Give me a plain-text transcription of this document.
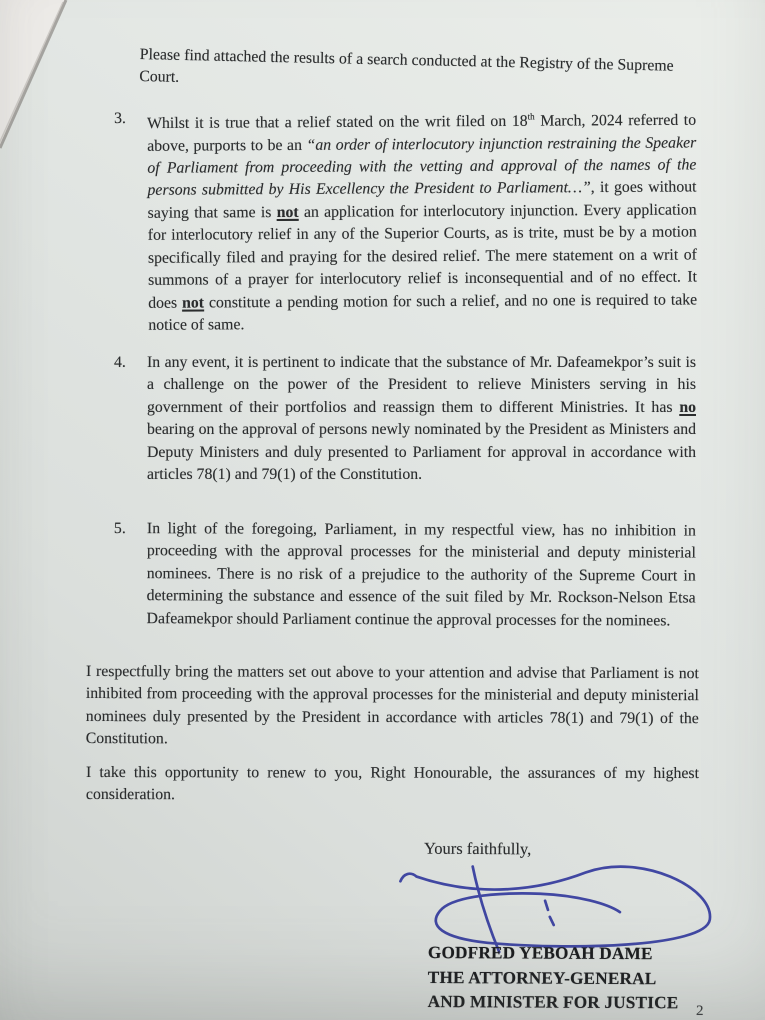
Please find attached the results of a search conducted at the Registry of the Supreme Court.
3. Whilst it is true that a relief stated on the writ filed on 18th March, 2024 referred to above, purports to be an “an order of interlocutory injunction restraining the Speaker of Parliament from proceeding with the vetting and approval of the names of the persons submitted by His Excellency the President to Parliament…”, it goes without saying that same is not an application for interlocutory injunction. Every application for interlocutory relief in any of the Superior Courts, as is trite, must be by a motion specifically filed and praying for the desired relief. The mere statement on a writ of summons of a prayer for interlocutory relief is inconsequential and of no effect. It does not constitute a pending motion for such a relief, and no one is required to take notice of same.
4. In any event, it is pertinent to indicate that the substance of Mr. Dafeamekpor’s suit is a challenge on the power of the President to relieve Ministers serving in his government of their portfolios and reassign them to different Ministries. It has no bearing on the approval of persons newly nominated by the President as Ministers and Deputy Ministers and duly presented to Parliament for approval in accordance with articles 78(1) and 79(1) of the Constitution.
5. In light of the foregoing, Parliament, in my respectful view, has no inhibition in proceeding with the approval processes for the ministerial and deputy ministerial nominees. There is no risk of a prejudice to the authority of the Supreme Court in determining the substance and essence of the suit filed by Mr. Rockson-Nelson Etsa Dafeamekpor should Parliament continue the approval processes for the nominees.
I respectfully bring the matters set out above to your attention and advise that Parliament is not inhibited from proceeding with the approval processes for the ministerial and deputy ministerial nominees duly presented by the President in accordance with articles 78(1) and 79(1) of the Constitution.
I take this opportunity to renew to you, Right Honourable, the assurances of my highest consideration.
Yours faithfully,
GODFRED YEBOAH DAME
THE ATTORNEY-GENERAL
AND MINISTER FOR JUSTICE 2
